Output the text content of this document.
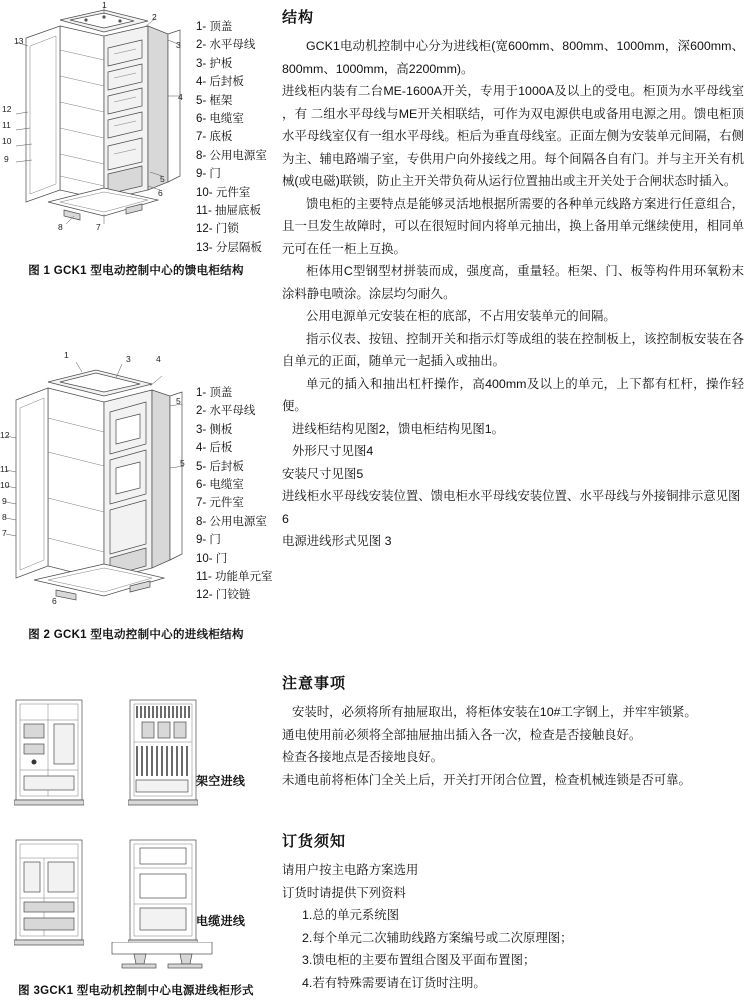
1
13
12
11
10
9
8	7
6
5
4
3
2
1- 顶盖
2- 水平母线
3- 护板
4- 后封板
5- 框架
6- 电缆室
7- 底板
8- 公用电源室
9- 门
10- 元件室
11- 抽屉底板
12- 门锁
13- 分层隔板
图 1 GCK1 型电动控制中心的馈电柜结构
3	4
1
5
5
12
11
10
9
8
7
6
1- 顶盖
2- 水平母线
3- 侧板
4- 后板
5- 后封板
6- 电缆室
7- 元件室
8- 公用电源室
9- 门
10- 门
11- 功能单元室
12- 门铰链
图 2 GCK1 型电动控制中心的进线柜结构
架空进线
电缆进线
图 3GCK1 型电动机控制中心电源进线柜形式
结构

GCK1电动机控制中心分为进线柜(宽600mm、800mm、1000mm，深600mm、800mm、1000mm，高2200mm)。

进线柜内装有二台ME-1600A开关，专用于1000A及以上的受电。柜顶为水平母线室 ，有 二组水平母线与ME开关相联结，可作为双电源供电或备用电源之用。馈电柜顶水平母线室仅有一组水平母线。柜后为垂直母线室。正面左侧为安装单元间隔，右侧为主、辅电路端子室，专供用户向外接线之用。每个间隔各自有门。并与主开关有机械(或电磁)联锁，防止主开关带负荷从运行位置抽出或主开关处于合闸状态时插入。

馈电柜的主要特点是能够灵活地根据所需要的各种单元线路方案进行任意组合，且一旦发生故障时，可以在很短时间内将单元抽出，换上备用单元继续使用，相同单元可在任一柜上互换。

柜体用C型钢型材拼装而成，强度高，重量轻。柜架、门、板等构件用环氧粉末涂料静电喷涂。涂层均匀耐久。

公用电源单元安装在柜的底部，不占用安装单元的间隔。

指示仪表、按钮、控制开关和指示灯等成组的装在控制板上，该控制板安装在各自单元的正面，随单元一起插入或抽出。

单元的插入和抽出杠杆操作，高400mm及以上的单元，上下都有杠杆，操作轻便。

进线柜结构见图2，馈电柜结构见图1。
外形尺寸见图4
安装尺寸见图5
进线柜水平母线安装位置、馈电柜水平母线安装位置、水平母线与外接铜排示意见图6
电源进线形式见图 3
注意事项

安装时，必须将所有抽屉取出，将柜体安装在10#工字钢上，并牢牢锁紧。

通电使用前必须将全部抽屉抽出插入各一次，检查是否接触良好。

检查各接地点是否接地良好。

未通电前将柜体门全关上后，开关打开闭合位置，检查机械连锁是否可靠。

订货须知

请用户按主电路方案选用

订货时请提供下列资料

1.总的单元系统图
2.每个单元二次辅助线路方案编号或二次原理图；
3.馈电柜的主要布置组合图及平面布置图；
4.若有特殊需要请在订货时注明。
